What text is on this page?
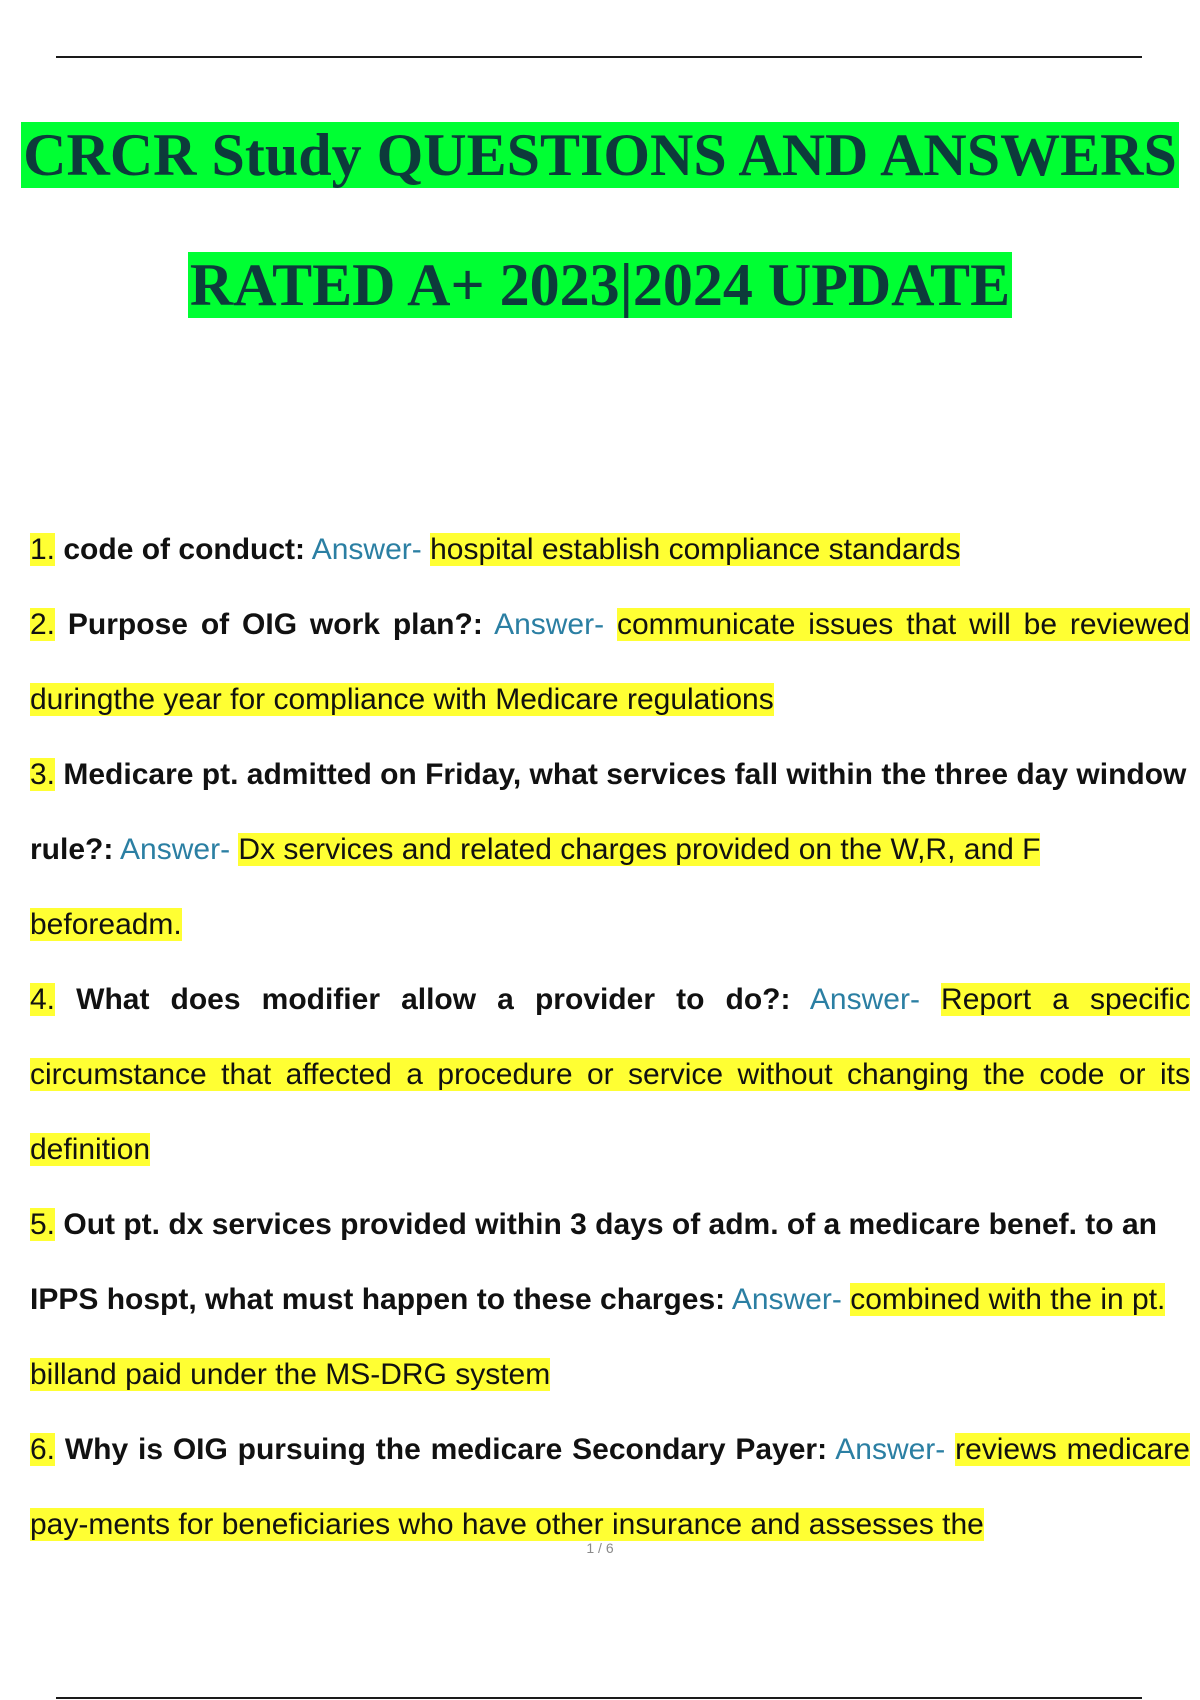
CRCR Study QUESTIONS AND ANSWERS
RATED A+ 2023|2024 UPDATE

1. code of conduct: Answer- hospital establish compliance standards

2. Purpose of OIG work plan?: Answer- communicate issues that will be reviewed duringthe year for compliance with Medicare regulations

3. Medicare pt. admitted on Friday, what services fall within the three day window rule?: Answer- Dx services and related charges provided on the W,R, and F beforeadm.

4. What does modifier allow a provider to do?: Answer- Report a specific circumstance that affected a procedure or service without changing the code or its definition

5. Out pt. dx services provided within 3 days of adm. of a medicare benef. to an IPPS hospt, what must happen to these charges: Answer- combined with the in pt. billand paid under the MS-DRG system

6. Why is OIG pursuing the medicare Secondary Payer: Answer- reviews medicare pay-ments for beneficiaries who have other insurance and assesses the

1 / 6
